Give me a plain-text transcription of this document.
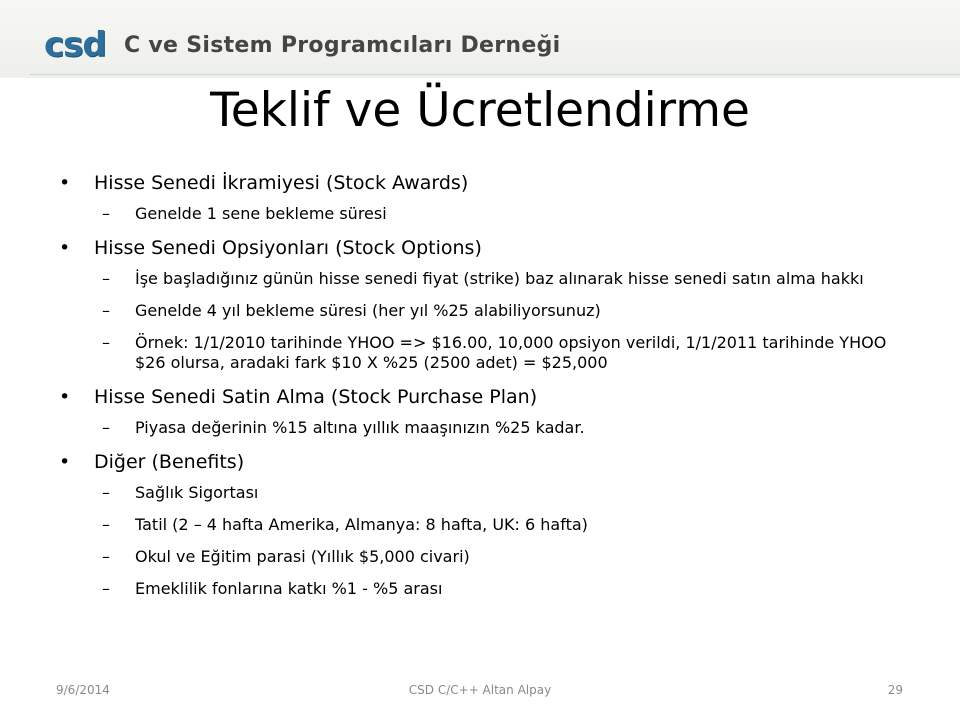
csd C ve Sistem Programcıları Derneği
Teklif ve Ücretlendirme
• Hisse Senedi İkramiyesi (Stock Awards)
– Genelde 1 sene bekleme süresi
• Hisse Senedi Opsiyonları (Stock Options)
– İşe başladığınız günün hisse senedi fiyat (strike) baz alınarak hisse senedi satın alma hakkı
– Genelde 4 yıl bekleme süresi (her yıl %25 alabiliyorsunuz)
– Örnek: 1/1/2010 tarihinde YHOO => $16.00, 10,000 opsiyon verildi, 1/1/2011 tarihinde YHOO $26 olursa, aradaki fark $10 X %25 (2500 adet) = $25,000
• Hisse Senedi Satin Alma (Stock Purchase Plan)
– Piyasa değerinin %15 altına yıllık maaşınızın %25 kadar.
• Diğer (Benefits)
– Sağlık Sigortası
– Tatil (2 – 4 hafta Amerika, Almanya: 8 hafta, UK: 6 hafta)
– Okul ve Eğitim parasi (Yıllık $5,000 civari)
– Emeklilik fonlarına katkı %1 - %5 arası
9/6/2014	CSD C/C++ Altan Alpay	29
